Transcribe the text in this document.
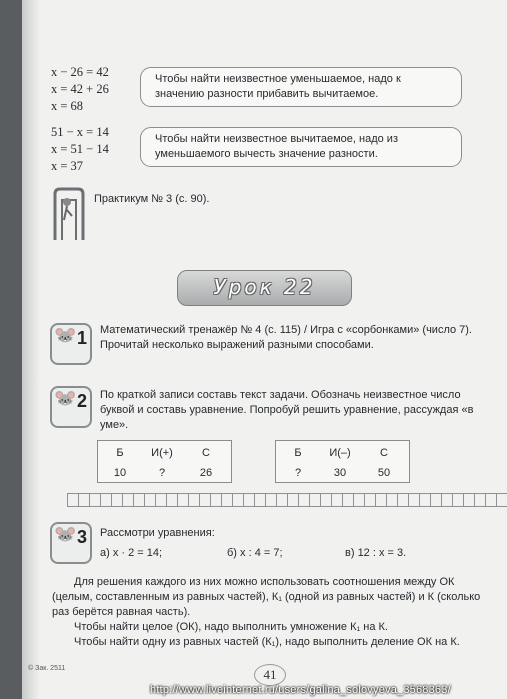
x − 26 = 42
x = 42 + 26
x = 68
Чтобы найти неизвестное уменьшаемое, надо к значению разности прибавить вычитаемое.
51 − x = 14
x = 51 − 14
x = 37
Чтобы найти неизвестное вычитаемое, надо из уменьшаемого вычесть значение разности.
Практикум № 3 (с. 90).
Урок 22
🐭 1 Математический тренажёр № 4 (с. 115) / Игра с «сорбонками» (число 7). Прочитай несколько выражений разными способами.
🐭 2 По краткой записи составь текст задачи. Обозначь неизвестное число буквой и составь уравнение. Попробуй решить уравнение, рассуждая «в уме».
Б	И(+)	С
10	?	26
Б	И(–)	С
?	30	50
🐭 3 Рассмотри уравнения:
а) x · 2 = 14;	б) x : 4 = 7;	в) 12 : x = 3.
Для решения каждого из них можно использовать соотношения между ОК (целым, составленным из равных частей), К₁ (одной из равных частей) и К (сколько раз берётся равная часть).
Чтобы найти целое (ОК), надо выполнить умножение К₁ на К.
Чтобы найти одну из равных частей (К₁), надо выполнить деление ОК на К.
© Зак. 2511	41
http://www.liveinternet.ru/users/galina_solovyeva_3568363/
